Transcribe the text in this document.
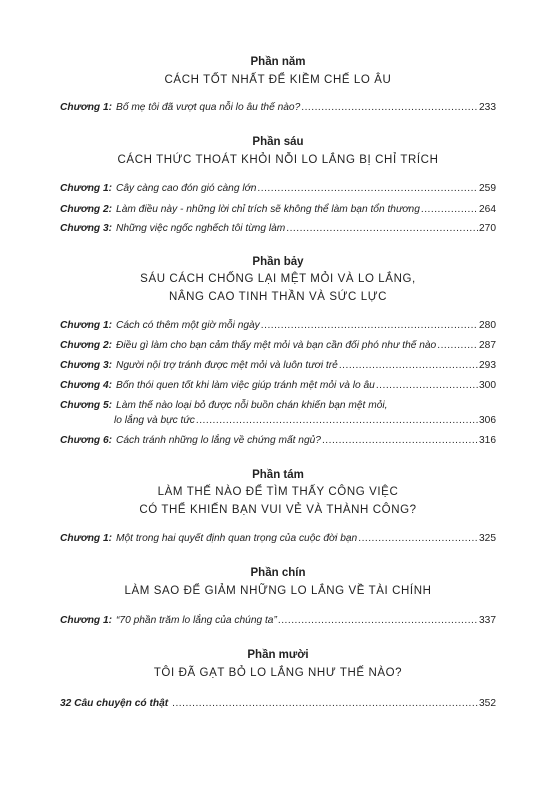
Phần năm
CÁCH TỐT NHẤT ĐỂ KIỀM CHẾ LO ÂU
Chương 1: Bố mẹ tôi đã vượt qua nỗi lo âu thế nào? .....	233
Phần sáu
CÁCH THỨC THOÁT KHỎI NỖI LO LẮNG BỊ CHỈ TRÍCH
Chương 1: Cây càng cao đón gió càng lớn .....	259
Chương 2: Làm điều này - những lời chỉ trích sẽ không thể làm bạn tổn thương .....	264
Chương 3: Những việc ngốc nghếch tôi từng làm .....	270
Phần bảy
SÁU CÁCH CHỐNG LẠI MỆT MỎI VÀ LO LẮNG,
NÂNG CAO TINH THẦN VÀ SỨC LỰC
Chương 1: Cách có thêm một giờ mỗi ngày .....	280
Chương 2: Điều gì làm cho bạn cảm thấy mệt mỏi và bạn cần đối phó như thế nào .....	287
Chương 3: Người nội trợ tránh được mệt mỏi và luôn tươi trẻ .....	293
Chương 4: Bốn thói quen tốt khi làm việc giúp tránh mệt mỏi và lo âu .....	300
Chương 5: Làm thế nào loại bỏ được nỗi buồn chán khiến bạn mệt mỏi,
lo lắng và bực tức .....	306
Chương 6: Cách tránh những lo lắng về chứng mất ngủ? .....	316
Phần tám
LÀM THẾ NÀO ĐỂ TÌM THẤY CÔNG VIỆC
CÓ THỂ KHIẾN BẠN VUI VẺ VÀ THÀNH CÔNG?
Chương 1: Một trong hai quyết định quan trọng của cuộc đời bạn .....	325
Phần chín
LÀM SAO ĐỂ GIẢM NHỮNG LO LẮNG VỀ TÀI CHÍNH
Chương 1: “70 phần trăm lo lắng của chúng ta” .....	337
Phần mười
TÔI ĐÃ GẠT BỎ LO LẮNG NHƯ THẾ NÀO?
32 Câu chuyện có thật .....	352
